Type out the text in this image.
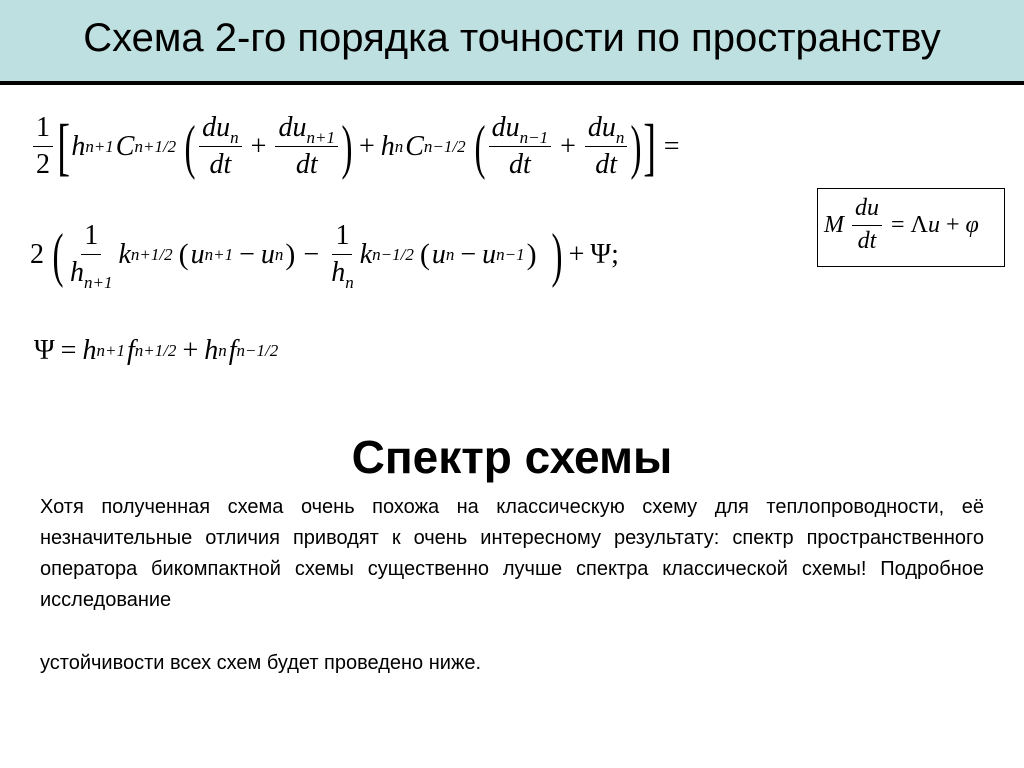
Схема 2-го порядка точности по пространству
$\frac{1}{2}$ [ h n+1 C n+1/2 ( $\frac{du_n}{dt} + \frac{du_{n+1}}{dt}$ ) + h n C n−1/2 ( $\frac{du_{n-1}}{dt} + \frac{du_n}{dt}$ ) ] =
2 ( $\frac{1}{h_{n+1}}$ k n+1/2 ( u n+1 − u n ) − $\frac{1}{h_n}$ k n−1/2 ( u n − u n−1 ) ) + Ψ ;
Ψ = h n+1 f n+1/2 + h n f n−1/2
M $\frac{du}{dt} = \Lambda$ u + φ
Спектр схемы
Хотя полученная схема очень похожа на классическую схему для теплопроводности, её незначительные отличия приводят к очень интересному результату: спектр пространственного оператора бикомпактной схемы существенно лучше спектра классической схемы! Подробное исследование
устойчивости всех схем будет проведено ниже.
